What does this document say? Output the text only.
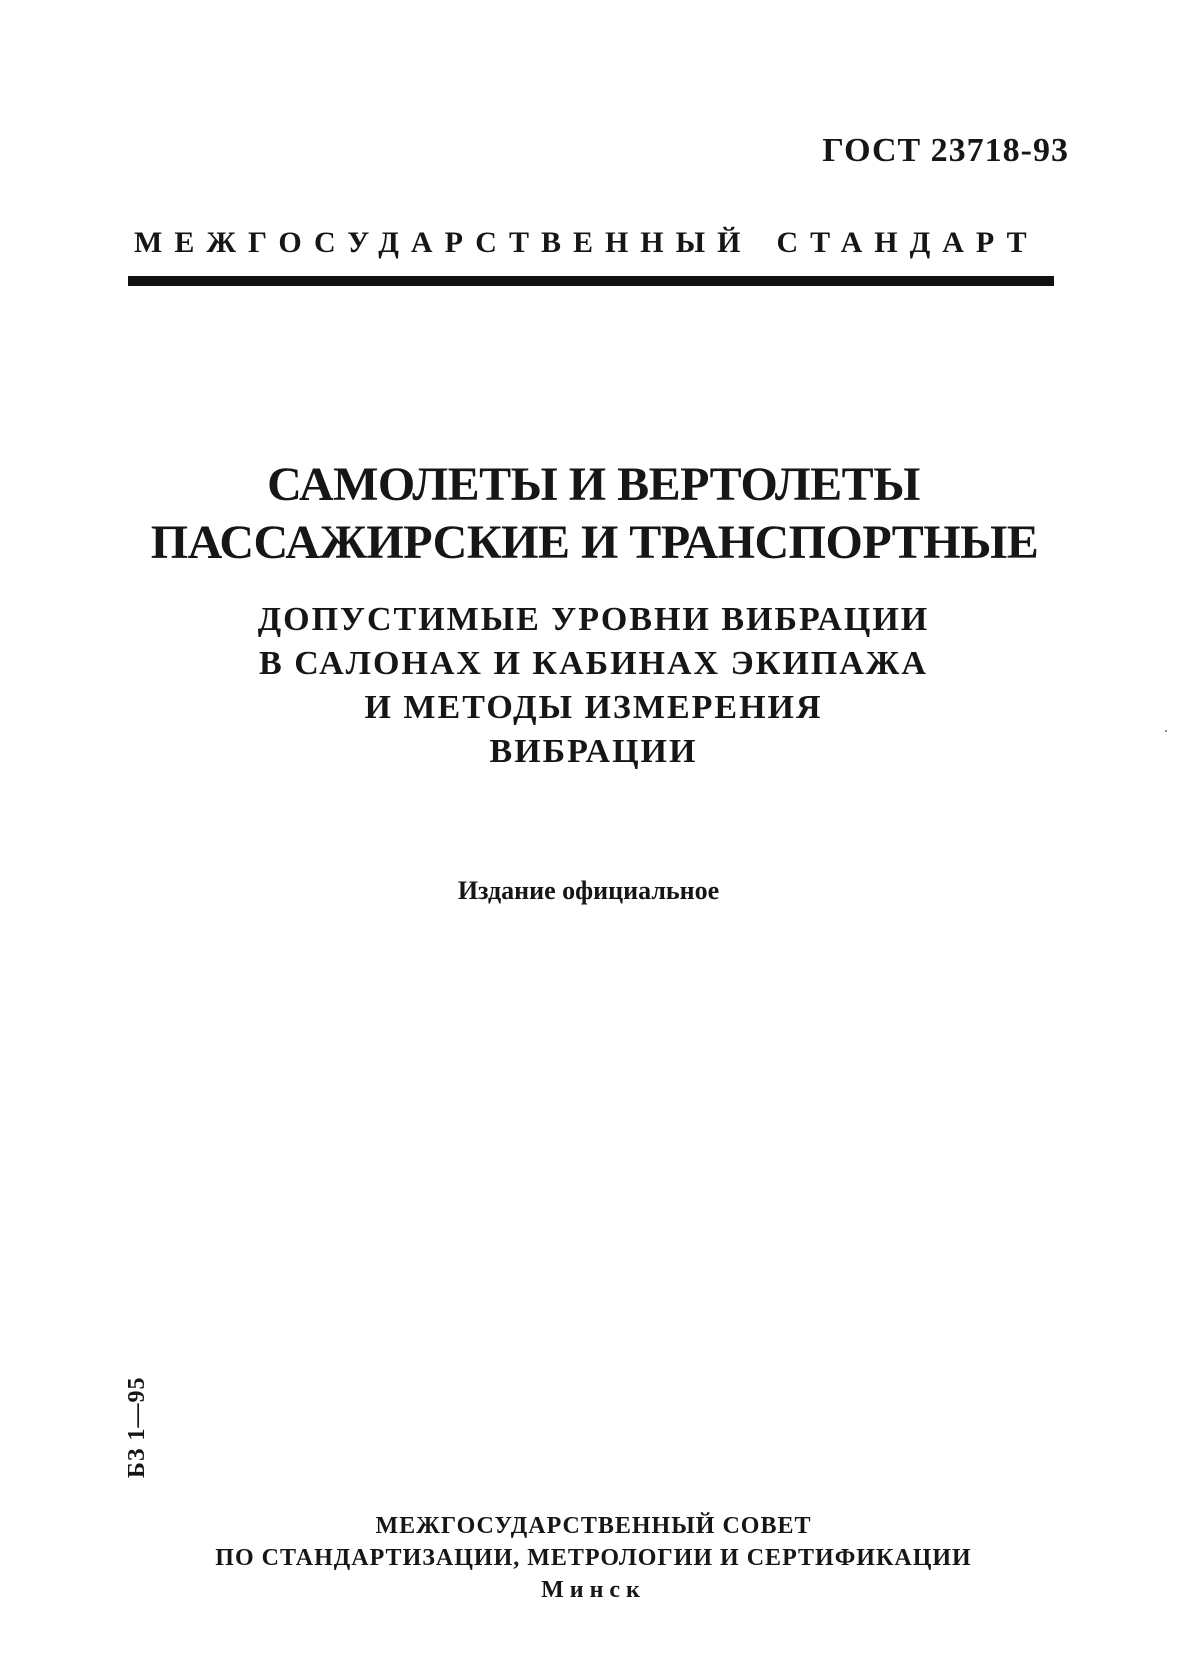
ГОСТ 23718-93
МЕЖГОСУДАРСТВЕННЫЙ СТАНДАРТ
САМОЛЕТЫ И ВЕРТОЛЕТЫ
ПАССАЖИРСКИЕ И ТРАНСПОРТНЫЕ
ДОПУСТИМЫЕ УРОВНИ ВИБРАЦИИ
В САЛОНАХ И КАБИНАХ ЭКИПАЖА
И МЕТОДЫ ИЗМЕРЕНИЯ
ВИБРАЦИИ
Издание официальное
БЗ 1—95
МЕЖГОСУДАРСТВЕННЫЙ СОВЕТ
ПО СТАНДАРТИЗАЦИИ, МЕТРОЛОГИИ И СЕРТИФИКАЦИИ
Минск
